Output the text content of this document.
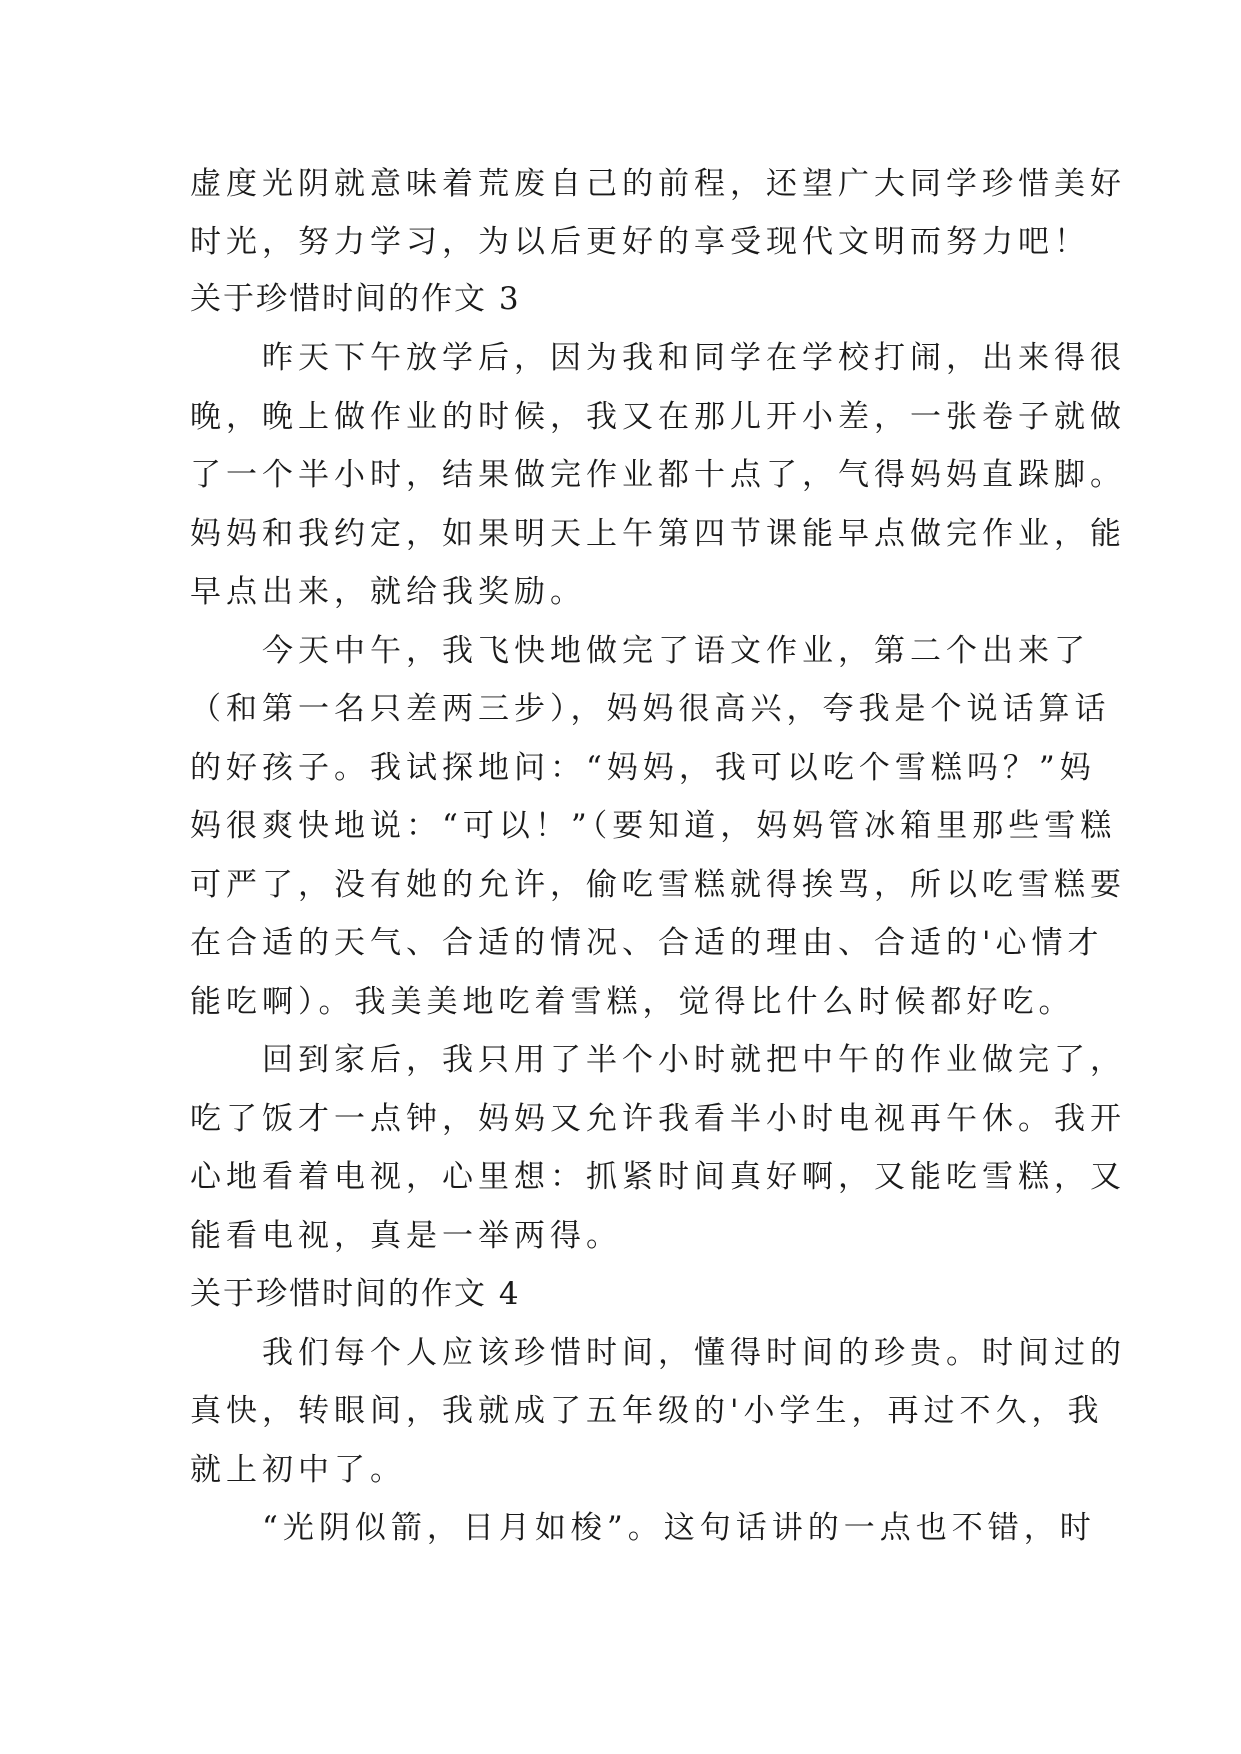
虚度光阴就意味着荒废自己的前程，还望广大同学珍惜美好
时光，努力学习，为以后更好的享受现代文明而努力吧！
关于珍惜时间的作文 3
　　昨天下午放学后，因为我和同学在学校打闹，出来得很
晚，晚上做作业的时候，我又在那儿开小差，一张卷子就做
了一个半小时，结果做完作业都十点了，气得妈妈直跺脚。
妈妈和我约定，如果明天上午第四节课能早点做完作业，能
早点出来，就给我奖励。
　　今天中午，我飞快地做完了语文作业，第二个出来了
（和第一名只差两三步），妈妈很高兴，夸我是个说话算话
的好孩子。我试探地问：“妈妈，我可以吃个雪糕吗？”妈
妈很爽快地说：“可以！”（要知道，妈妈管冰箱里那些雪糕
可严了，没有她的允许，偷吃雪糕就得挨骂，所以吃雪糕要
在合适的天气、合适的情况、合适的理由、合适的'心情才
能吃啊）。我美美地吃着雪糕，觉得比什么时候都好吃。
　　回到家后，我只用了半个小时就把中午的作业做完了，
吃了饭才一点钟，妈妈又允许我看半小时电视再午休。我开
心地看着电视，心里想：抓紧时间真好啊，又能吃雪糕，又
能看电视，真是一举两得。
关于珍惜时间的作文 4
　　我们每个人应该珍惜时间，懂得时间的珍贵。时间过的
真快，转眼间，我就成了五年级的'小学生，再过不久，我
就上初中了。
　　“光阴似箭，日月如梭”。这句话讲的一点也不错，时
